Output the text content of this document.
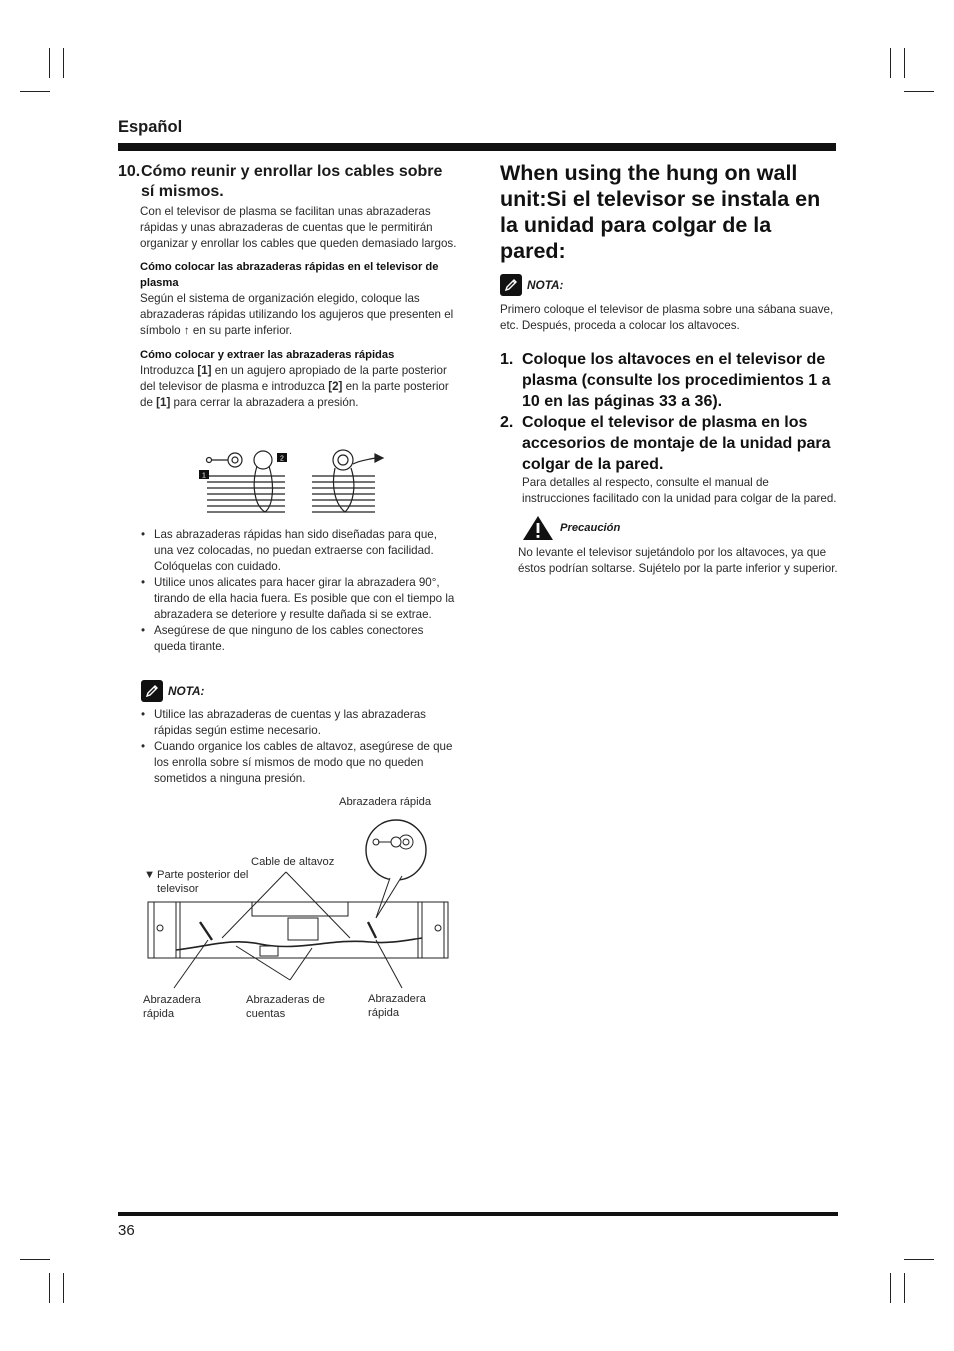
Español
10. Cómo reunir y enrollar los cables sobre sí mismos.

Con el televisor de plasma se facilitan unas abrazaderas rápidas y unas abrazaderas de cuentas que le permitirán organizar y enrollar los cables que queden demasiado largos.

Cómo colocar las abrazaderas rápidas en el televisor de plasma

Según el sistema de organización elegido, coloque las abrazaderas rápidas utilizando los agujeros que presenten el símbolo ↑ en su parte inferior.

Cómo colocar y extraer las abrazaderas rápidas

Introduzca [1] en un agujero apropiado de la parte posterior del televisor de plasma e introduzca [2] en la parte posterior de [1] para cerrar la abrazadera a presión.

1
2
• Las abrazaderas rápidas han sido diseñadas para que, una vez colocadas, no puedan extraerse con facilidad. Colóquelas con cuidado.
• Utilice unos alicates para hacer girar la abrazadera 90°, tirando de ella hacia fuera. Es posible que con el tiempo la abrazadera se deteriore y resulte dañada si se extrae.
• Asegúrese de que ninguno de los cables conectores queda tirante.
NOTA:
• Utilice las abrazaderas de cuentas y las abrazaderas rápidas según estime necesario.
• Cuando organice los cables de altavoz, asegúrese de que los enrolla sobre sí mismos de modo que no queden sometidos a ninguna presión.
Abrazadera rápida
Cable de altavoz
▼ Parte posterior del televisor
Abrazadera rápida
Abrazaderas de cuentas
Abrazadera rápida
When using the hung on wall unit:Si el televisor se instala en la unidad para colgar de la pared:
NOTA:

Primero coloque el televisor de plasma sobre una sábana suave, etc. Después, proceda a colocar los altavoces.

1. Coloque los altavoces en el televisor de plasma (consulte los procedimientos 1 a 10 en las páginas 33 a 36).
2. Coloque el televisor de plasma en los accesorios de montaje de la unidad para colgar de la pared.

Para detalles al respecto, consulte el manual de instrucciones facilitado con la unidad para colgar de la pared.

Precaución

No levante el televisor sujetándolo por los altavoces, ya que éstos podrían soltarse. Sujételo por la parte inferior y superior.

36
